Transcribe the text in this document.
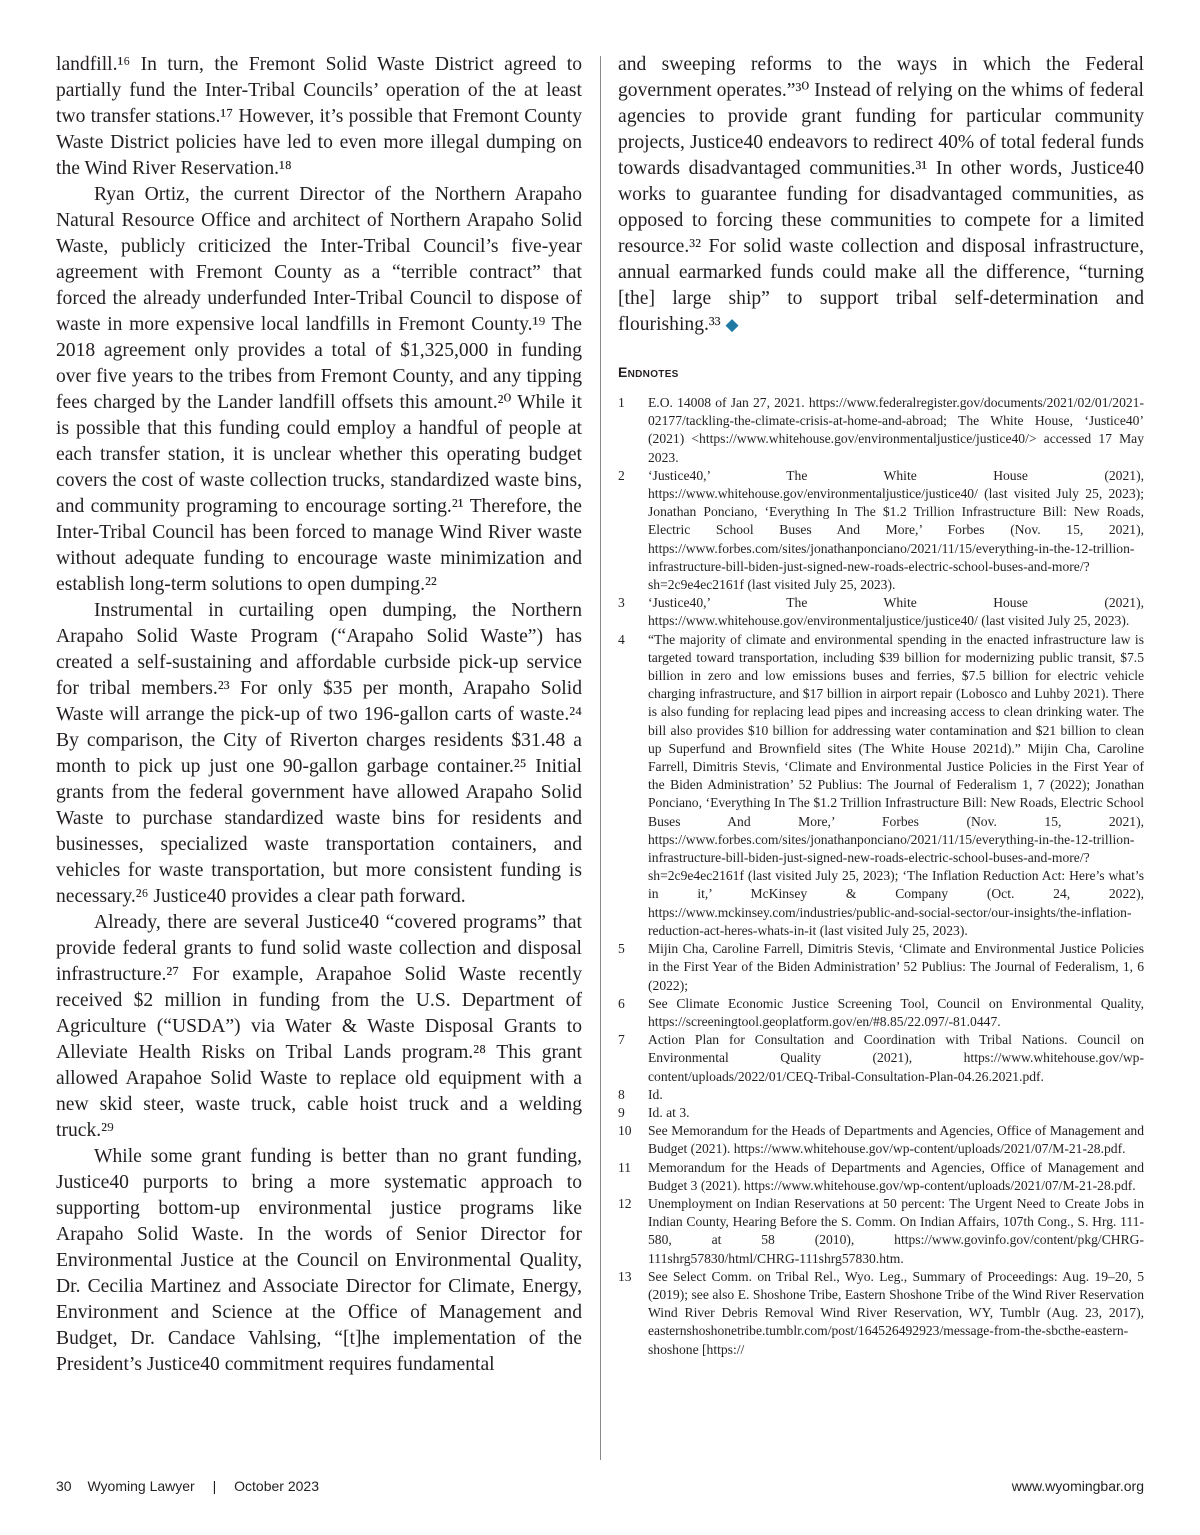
landfill.¹⁶ In turn, the Fremont Solid Waste District agreed to partially fund the Inter-Tribal Councils’ operation of the at least two transfer stations.¹⁷ However, it’s possible that Fremont County Waste District policies have led to even more illegal dumping on the Wind River Reservation.¹⁸

Ryan Ortiz, the current Director of the Northern Arapaho Natural Resource Office and architect of Northern Arapaho Solid Waste, publicly criticized the Inter-Tribal Council’s five-year agreement with Fremont County as a “terrible contract” that forced the already underfunded Inter-Tribal Council to dispose of waste in more expensive local landfills in Fremont County.¹⁹ The 2018 agreement only provides a total of $1,325,000 in funding over five years to the tribes from Fremont County, and any tipping fees charged by the Lander landfill offsets this amount.²⁰ While it is possible that this funding could employ a handful of people at each transfer station, it is unclear whether this operating budget covers the cost of waste collection trucks, standardized waste bins, and community programing to encourage sorting.²¹ Therefore, the Inter-Tribal Council has been forced to manage Wind River waste without adequate funding to encourage waste minimization and establish long-term solutions to open dumping.²²

Instrumental in curtailing open dumping, the Northern Arapaho Solid Waste Program (“Arapaho Solid Waste”) has created a self-sustaining and affordable curbside pick-up service for tribal members.²³ For only $35 per month, Arapaho Solid Waste will arrange the pick-up of two 196-gallon carts of waste.²⁴ By comparison, the City of Riverton charges residents $31.48 a month to pick up just one 90-gallon garbage container.²⁵ Initial grants from the federal government have allowed Arapaho Solid Waste to purchase standardized waste bins for residents and businesses, specialized waste transportation containers, and vehicles for waste transportation, but more consistent funding is necessary.²⁶ Justice40 provides a clear path forward.

Already, there are several Justice40 “covered programs” that provide federal grants to fund solid waste collection and disposal infrastructure.²⁷ For example, Arapahoe Solid Waste recently received $2 million in funding from the U.S. Department of Agriculture (“USDA”) via Water & Waste Disposal Grants to Alleviate Health Risks on Tribal Lands program.²⁸ This grant allowed Arapahoe Solid Waste to replace old equipment with a new skid steer, waste truck, cable hoist truck and a welding truck.²⁹

While some grant funding is better than no grant funding, Justice40 purports to bring a more systematic approach to supporting bottom-up environmental justice programs like Arapaho Solid Waste. In the words of Senior Director for Environmental Justice at the Council on Environmental Quality, Dr. Cecilia Martinez and Associate Director for Climate, Energy, Environment and Science at the Office of Management and Budget, Dr. Candace Vahlsing, “[t]he implementation of the President’s Justice40 commitment requires fundamental

and sweeping reforms to the ways in which the Federal government operates.”³⁰ Instead of relying on the whims of federal agencies to provide grant funding for particular community projects, Justice40 endeavors to redirect 40% of total federal funds towards disadvantaged communities.³¹ In other words, Justice40 works to guarantee funding for disadvantaged communities, as opposed to forcing these communities to compete for a limited resource.³² For solid waste collection and disposal infrastructure, annual earmarked funds could make all the difference, “turning [the] large ship” to support tribal self-determination and flourishing.³³ ◆

Endnotes
1 E.O. 14008 of Jan 27, 2021. https://www.federalregister.gov/documents/2021/02/01/2021-02177/tackling-the-climate-crisis-at-home-and-abroad; The White House, ‘Justice40’ (2021) <https://www.whitehouse.gov/environmentaljustice/justice40/> accessed 17 May 2023.
2 ‘Justice40,’ The White House (2021), https://www.whitehouse.gov/environmentaljustice/justice40/ (last visited July 25, 2023); Jonathan Ponciano, ‘Everything In The $1.2 Trillion Infrastructure Bill: New Roads, Electric School Buses And More,’ Forbes (Nov. 15, 2021), https://www.forbes.com/sites/jonathanponciano/2021/11/15/everything-in-the-12-trillion-infrastructure-bill-biden-just-signed-new-roads-electric-school-buses-and-more/?sh=2c9e4ec2161f (last visited July 25, 2023).
3 ‘Justice40,’ The White House (2021), https://www.whitehouse.gov/environmentaljustice/justice40/ (last visited July 25, 2023).
4 “The majority of climate and environmental spending in the enacted infrastructure law is targeted toward transportation, including $39 billion for modernizing public transit, $7.5 billion in zero and low emissions buses and ferries, $7.5 billion for electric vehicle charging infrastructure, and $17 billion in airport repair (Lobosco and Luhby 2021). There is also funding for replacing lead pipes and increasing access to clean drinking water. The bill also provides $10 billion for addressing water contamination and $21 billion to clean up Superfund and Brownfield sites (The White House 2021d).” Mijin Cha, Caroline Farrell, Dimitris Stevis, ‘Climate and Environmental Justice Policies in the First Year of the Biden Administration’ 52 Publius: The Journal of Federalism 1, 7 (2022); Jonathan Ponciano, ‘Everything In The $1.2 Trillion Infrastructure Bill: New Roads, Electric School Buses And More,’ Forbes (Nov. 15, 2021), https://www.forbes.com/sites/jonathanponciano/2021/11/15/everything-in-the-12-trillion-infrastructure-bill-biden-just-signed-new-roads-electric-school-buses-and-more/?sh=2c9e4ec2161f (last visited July 25, 2023); ‘The Inflation Reduction Act: Here’s what’s in it,’ McKinsey & Company (Oct. 24, 2022), https://www.mckinsey.com/industries/public-and-social-sector/our-insights/the-inflation-reduction-act-heres-whats-in-it (last visited July 25, 2023).
5 Mijin Cha, Caroline Farrell, Dimitris Stevis, ‘Climate and Environmental Justice Policies in the First Year of the Biden Administration’ 52 Publius: The Journal of Federalism, 1, 6 (2022);
6 See Climate Economic Justice Screening Tool, Council on Environmental Quality, https://screeningtool.geoplatform.gov/en/#8.85/22.097/-81.0447.
7 Action Plan for Consultation and Coordination with Tribal Nations. Council on Environmental Quality (2021), https://www.whitehouse.gov/wp-content/uploads/2022/01/CEQ-Tribal-Consultation-Plan-04.26.2021.pdf.
8 Id.
9 Id. at 3.
10 See Memorandum for the Heads of Departments and Agencies, Office of Management and Budget (2021). https://www.whitehouse.gov/wp-content/uploads/2021/07/M-21-28.pdf.
11 Memorandum for the Heads of Departments and Agencies, Office of Management and Budget 3 (2021). https://www.whitehouse.gov/wp-content/uploads/2021/07/M-21-28.pdf.
12 Unemployment on Indian Reservations at 50 percent: The Urgent Need to Create Jobs in Indian County, Hearing Before the S. Comm. On Indian Affairs, 107th Cong., S. Hrg. 111-580, at 58 (2010), https://www.govinfo.gov/content/pkg/CHRG-111shrg57830/html/CHRG-111shrg57830.htm.
13 See Select Comm. on Tribal Rel., Wyo. Leg., Summary of Proceedings: Aug. 19–20, 5 (2019); see also E. Shoshone Tribe, Eastern Shoshone Tribe of the Wind River Reservation Wind River Debris Removal Wind River Reservation, WY, Tumblr (Aug. 23, 2017), easternshoshonetribe.tumblr.com/post/164526492923/message-from-the-sbcthe-eastern-shoshone [https://
30 Wyoming Lawyer | October 2023	www.wyomingbar.org
